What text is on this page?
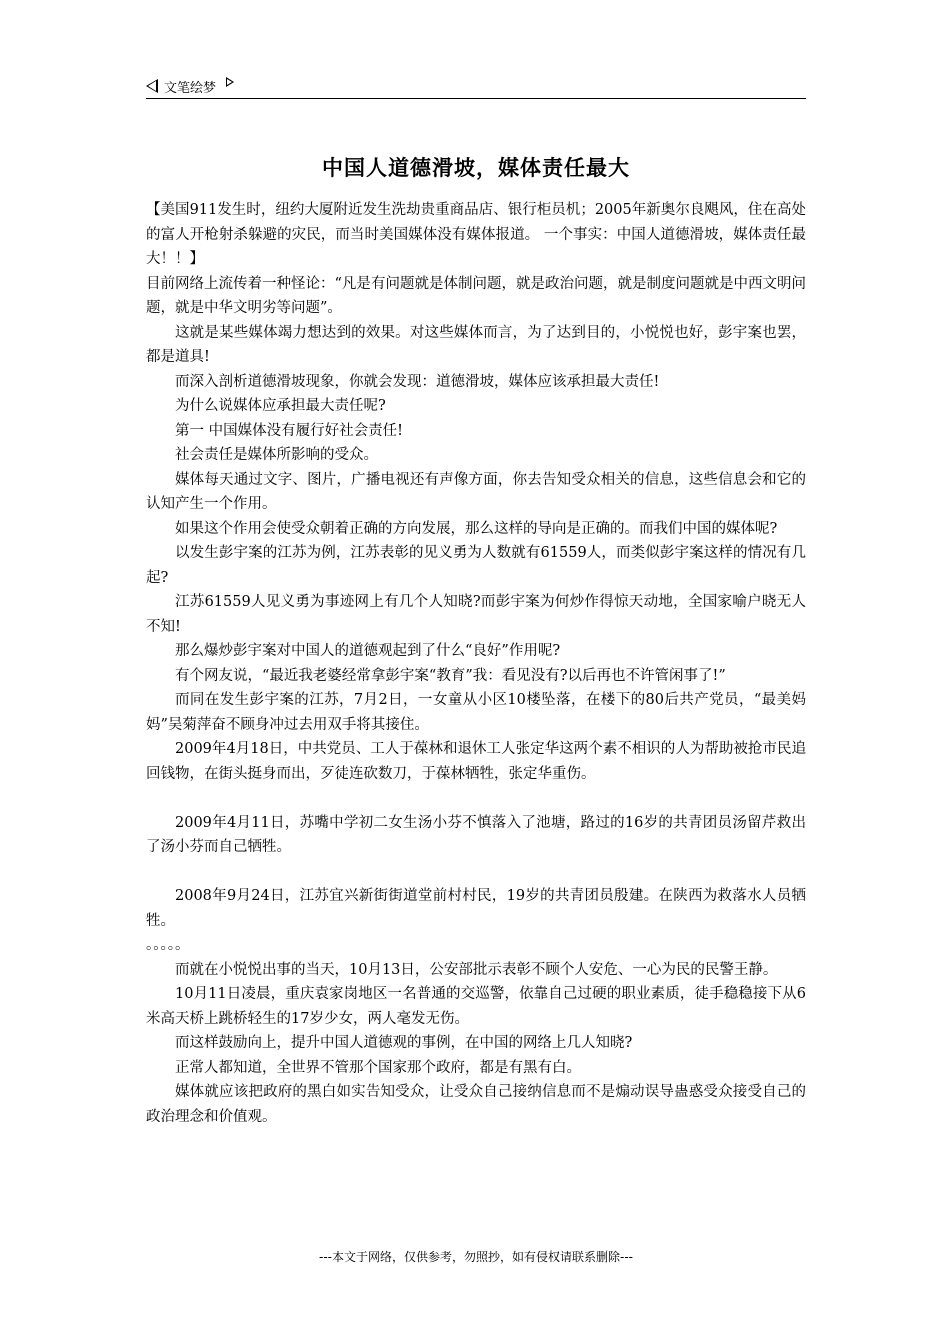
文笔绘梦
中国人道德滑坡，媒体责任最大

【美国911发生时，纽约大厦附近发生洗劫贵重商品店、银行柜员机；2005年新奥尔良飓风，住在高处的富人开枪射杀躲避的灾民，而当时美国媒体没有媒体报道。 一个事实：中国人道德滑坡，媒体责任最大！！】

目前网络上流传着一种怪论：“凡是有问题就是体制问题，就是政治问题，就是制度问题就是中西文明问题，就是中华文明劣等问题”。

这就是某些媒体竭力想达到的效果。对这些媒体而言，为了达到目的，小悦悦也好，彭宇案也罢，都是道具!

而深入剖析道德滑坡现象，你就会发现：道德滑坡，媒体应该承担最大责任!

为什么说媒体应承担最大责任呢?

第一 中国媒体没有履行好社会责任!

社会责任是媒体所影响的受众。

媒体每天通过文字、图片，广播电视还有声像方面，你去告知受众相关的信息，这些信息会和它的认知产生一个作用。

如果这个作用会使受众朝着正确的方向发展，那么这样的导向是正确的。而我们中国的媒体呢?

以发生彭宇案的江苏为例，江苏表彰的见义勇为人数就有61559人，而类似彭宇案这样的情况有几起?

江苏61559人见义勇为事迹网上有几个人知晓?而彭宇案为何炒作得惊天动地，全国家喻户晓无人不知!

那么爆炒彭宇案对中国人的道德观起到了什么“良好”作用呢?

有个网友说，“最近我老婆经常拿彭宇案“教育”我：看见没有?以后再也不许管闲事了!”

而同在发生彭宇案的江苏，7月2日，一女童从小区10楼坠落，在楼下的80后共产党员，“最美妈妈”吴菊萍奋不顾身冲过去用双手将其接住。

2009年4月18日，中共党员、工人于葆林和退休工人张定华这两个素不相识的人为帮助被抢市民追回钱物，在街头挺身而出，歹徒连砍数刀，于葆林牺牲，张定华重伤。

2009年4月11日，苏嘴中学初二女生汤小芬不慎落入了池塘，路过的16岁的共青团员汤留芹救出了汤小芬而自己牺牲。

2008年9月24日，江苏宜兴新街街道堂前村村民，19岁的共青团员殷建。在陕西为救落水人员牺牲。

。。。。。

而就在小悦悦出事的当天，10月13日，公安部批示表彰不顾个人安危、一心为民的民警王静。

10月11日凌晨，重庆袁家岗地区一名普通的交巡警，依靠自己过硬的职业素质，徒手稳稳接下从6米高天桥上跳桥轻生的17岁少女，两人毫发无伤。

而这样鼓励向上，提升中国人道德观的事例，在中国的网络上几人知晓?

正常人都知道，全世界不管那个国家那个政府，都是有黑有白。

媒体就应该把政府的黑白如实告知受众，让受众自己接纳信息而不是煽动误导蛊惑受众接受自己的政治理念和价值观。

---本文于网络，仅供参考，勿照抄，如有侵权请联系删除---
